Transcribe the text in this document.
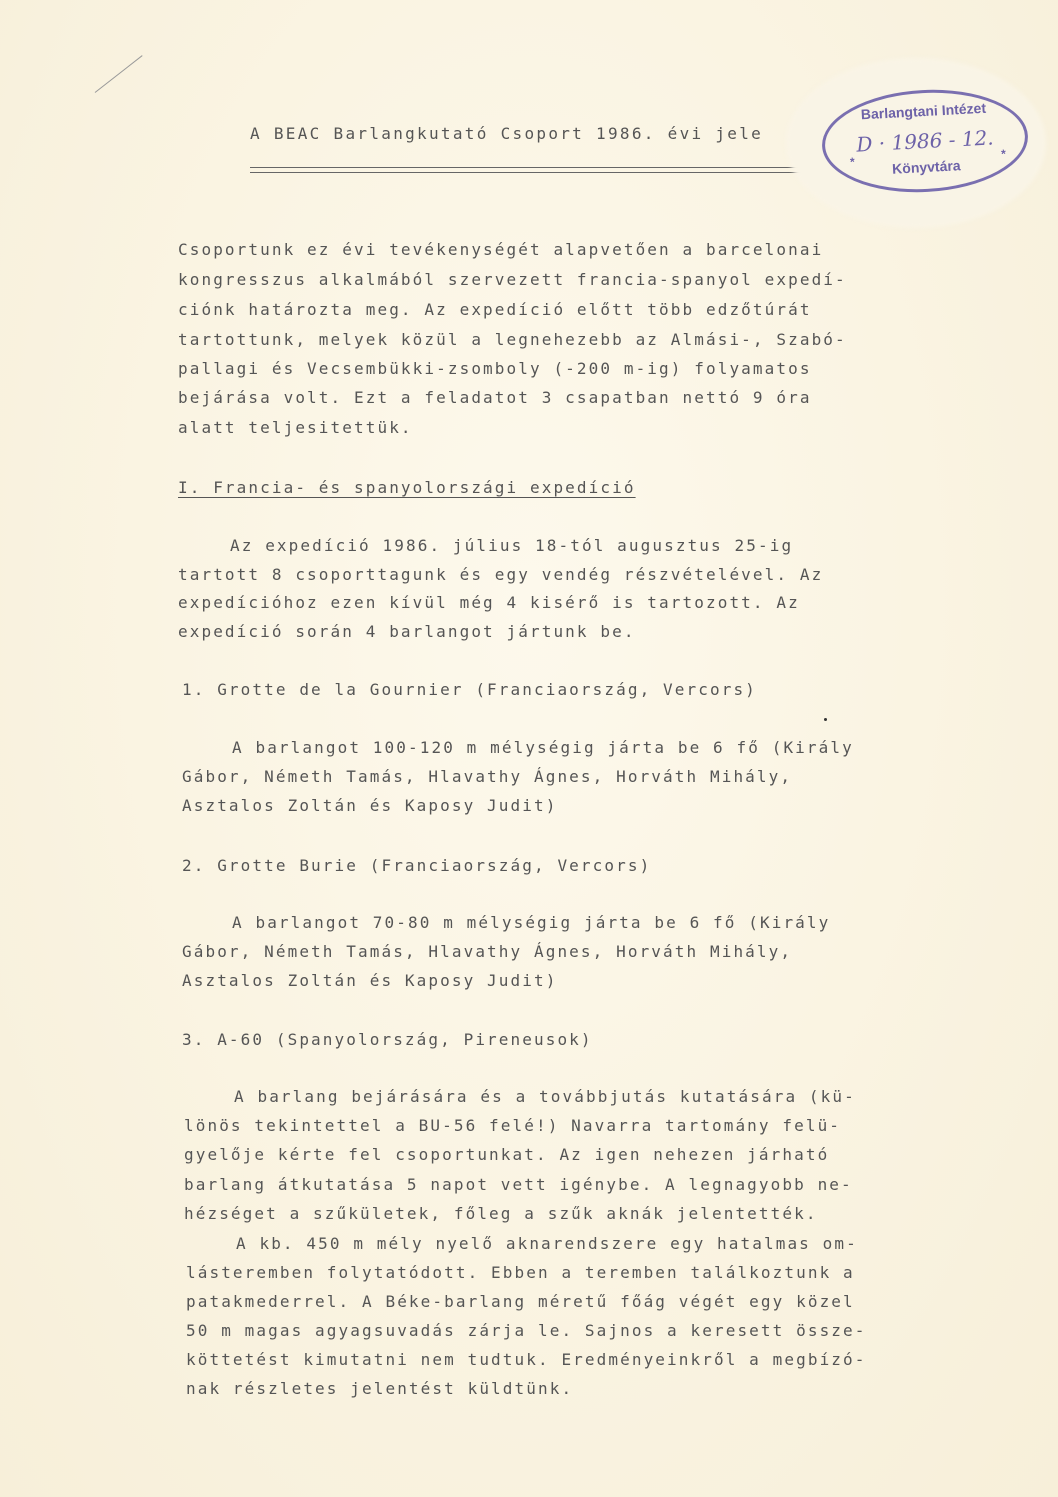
A BEAC Barlangkutató Csoport 1986. évi jele
Csoportunk ez évi tevékenységét alapvetően a barcelonai
kongresszus alkalmából szervezett francia-spanyol expedí-
ciónk határozta meg. Az expedíció előtt több edzőtúrát
tartottunk, melyek közül a legnehezebb az Almási-, Szabó-
pallagi és Vecsembükki-zsomboly (-200 m-ig) folyamatos
bejárása volt. Ezt a feladatot 3 csapatban nettó 9 óra
alatt teljesitettük.
I. Francia- és spanyolországi expedíció
Az expedíció 1986. július 18-tól augusztus 25-ig
tartott 8 csoporttagunk és egy vendég részvételével. Az
expedícióhoz ezen kívül még 4 kisérő is tartozott. Az
expedíció során 4 barlangot jártunk be.
1. Grotte de la Gournier (Franciaország, Vercors)
A barlangot 100-120 m mélységig járta be 6 fő (Király
Gábor, Németh Tamás, Hlavathy Ágnes, Horváth Mihály,
Asztalos Zoltán és Kaposy Judit)
2. Grotte Burie (Franciaország, Vercors)
A barlangot 70-80 m mélységig járta be 6 fő (Király
Gábor, Németh Tamás, Hlavathy Ágnes, Horváth Mihály,
Asztalos Zoltán és Kaposy Judit)
3. A-60 (Spanyolország, Pireneusok)
A barlang bejárására és a továbbjutás kutatására (kü-
lönös tekintettel a BU-56 felé!) Navarra tartomány felü-
gyelője kérte fel csoportunkat. Az igen nehezen járható
barlang átkutatása 5 napot vett igénybe. A legnagyobb ne-
hézséget a szűkületek, főleg a szűk aknák jelentették.
A kb. 450 m mély nyelő aknarendszere egy hatalmas om-
lásteremben folytatódott. Ebben a teremben találkoztunk a
patakmederrel. A Béke-barlang méretű főág végét egy közel
50 m magas agyagsuvadás zárja le. Sajnos a keresett össze-
köttetést kimutatni nem tudtuk. Eredményeinkről a megbízó-
nak részletes jelentést küldtünk.
Barlangtani Intézet
D · 1986 - 12.
Könyvtára
*
*
